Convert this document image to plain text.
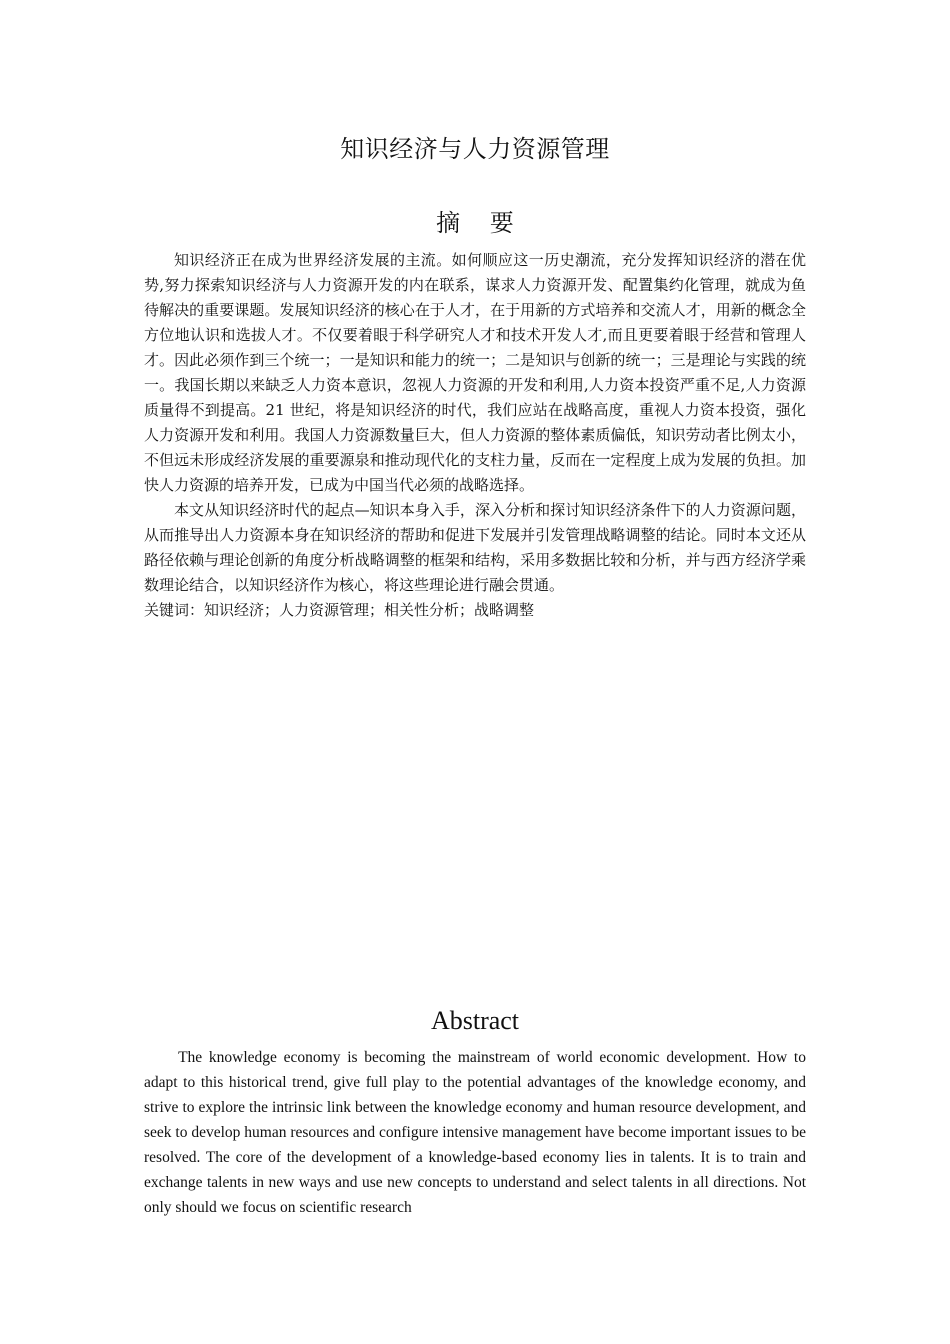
知识经济与人力资源管理
摘 要

知识经济正在成为世界经济发展的主流。如何顺应这一历史潮流，充分发挥知识经济的潜在优势,努力探索知识经济与人力资源开发的内在联系，谋求人力资源开发、配置集约化管理，就成为鱼待解决的重要课题。发展知识经济的核心在于人才，在于用新的方式培养和交流人才，用新的概念全方位地认识和选拔人才。不仅要着眼于科学研究人才和技术开发人才,而且更要着眼于经营和管理人才。因此必须作到三个统一；一是知识和能力的统一；二是知识与创新的统一；三是理论与实践的统一。我国长期以来缺乏人力资本意识，忽视人力资源的开发和利用,人力资本投资严重不足,人力资源质量得不到提高。21 世纪，将是知识经济的时代，我们应站在战略高度，重视人力资本投资，强化人力资源开发和利用。我国人力资源数量巨大，但人力资源的整体素质偏低，知识劳动者比例太小，不但远未形成经济发展的重要源泉和推动现代化的支柱力量，反而在一定程度上成为发展的负担。加快人力资源的培养开发，已成为中国当代必须的战略选择。

本文从知识经济时代的起点—知识本身入手，深入分析和探讨知识经济条件下的人力资源问题，从而推导出人力资源本身在知识经济的帮助和促进下发展并引发管理战略调整的结论。同时本文还从路径依赖与理论创新的角度分析战略调整的框架和结构，采用多数据比较和分析，并与西方经济学乘数理论结合，以知识经济作为核心，将这些理论进行融会贯通。

关键词：知识经济；人力资源管理；相关性分析；战略调整

Abstract

The knowledge economy is becoming the mainstream of world economic development. How to adapt to this historical trend, give full play to the potential advantages of the knowledge economy, and strive to explore the intrinsic link between the knowledge economy and human resource development, and seek to develop human resources and configure intensive management have become important issues to be resolved. The core of the development of a knowledge-based economy lies in talents. It is to train and exchange talents in new ways and use new concepts to understand and select talents in all directions. Not only should we focus on scientific research
